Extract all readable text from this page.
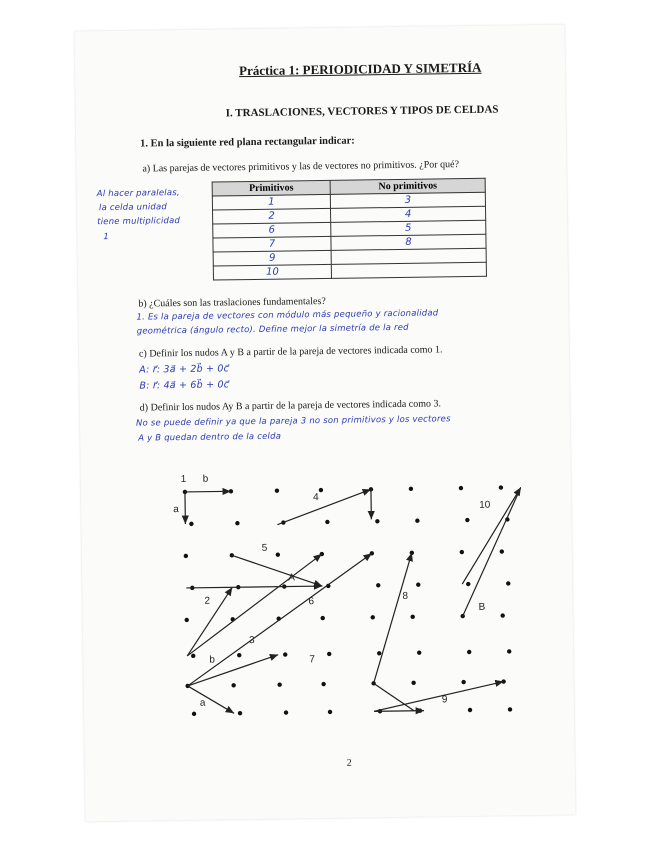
Práctica 1: PERIODICIDAD Y SIMETRÍA
I. TRASLACIONES, VECTORES Y TIPOS DE CELDAS
1. En la siguiente red plana rectangular indicar:
a) Las parejas de vectores primitivos y las de vectores no primitivos. ¿Por qué?
Al hacer paralelas,
la celda unidad
tiene multiplicidad
1
Primitivos	No primitivos
1	3
2	4
6	5
7	8
9	
10	
b) ¿Cuáles son las traslaciones fundamentales?
1. Es la pareja de vectores con módulo más pequeño y racionalidad
geométrica (ángulo recto). Define mejor la simetría de la red
c) Definir los nudos A y B a partir de la pareja de vectores indicada como 1.
A: r⃗: 3a⃗ + 2b⃗ + 0c⃗
B: r⃗: 4a⃗ + 6b⃗ + 0c⃗
d) Definir los nudos Ay B a partir de la pareja de vectores indicada como 3.
No se puede definir ya que la pareja 3 no son primitivos y los vectores
A y B quedan dentro de la celda
1 b
a
4
5
A
2	6	8
3
b	7
B
9
10
a
2
